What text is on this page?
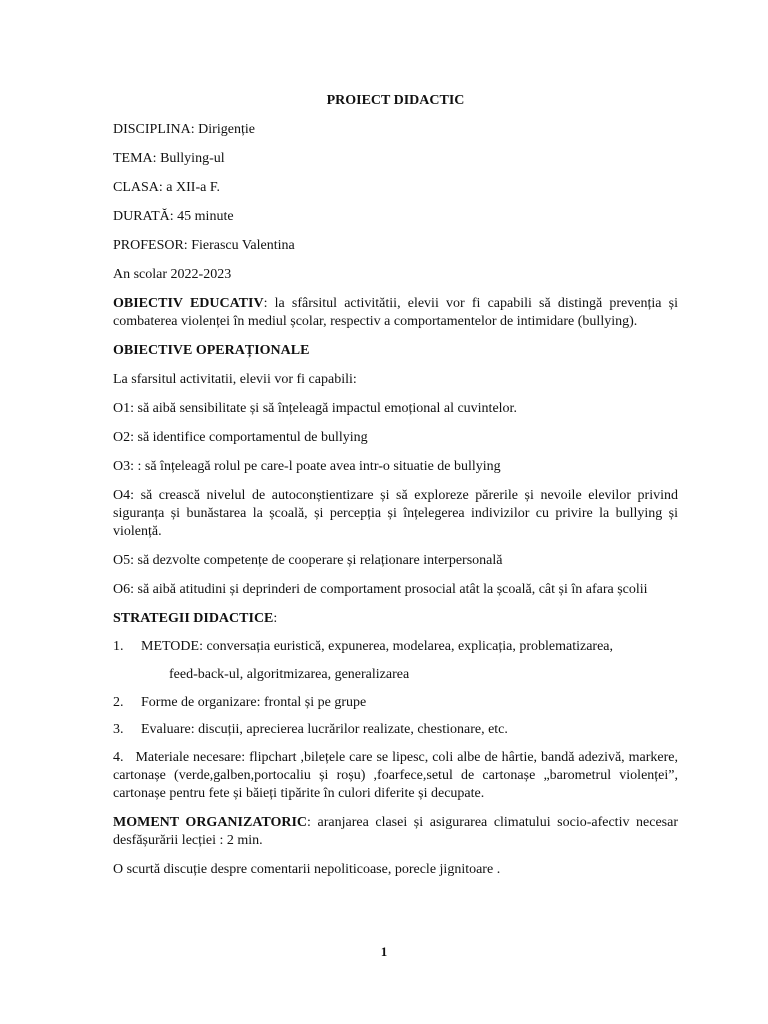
PROIECT DIDACTIC

DISCIPLINA: Dirigenție

TEMA: Bullying-ul

CLASA: a XII-a F.

DURATĂ: 45 minute

PROFESOR: Fierascu Valentina

An scolar 2022-2023

OBIECTIV EDUCATIV: la sfârsitul activitătii, elevii vor fi capabili să distingă prevenția și combaterea violenței în mediul școlar, respectiv a comportamentelor de intimidare (bullying).

OBIECTIVE OPERAȚIONALE

La sfarsitul activitatii, elevii vor fi capabili:

O1: să aibă sensibilitate și să înțeleagă impactul emoțional al cuvintelor.

O2: să identifice comportamentul de bullying

O3: : să înțeleagă rolul pe care-l poate avea intr-o situatie de bullying

O4: să crească nivelul de autoconștientizare și să exploreze părerile și nevoile elevilor privind siguranța și bunăstarea la școală, și percepția și înțelegerea indivizilor cu privire la bullying și violență.

O5: să dezvolte competențe de cooperare și relaționare interpersonală

O6: să aibă atitudini și deprinderi de comportament prosocial atât la școală, cât și în afara școlii

STRATEGII DIDACTICE:

1.	METODE: conversația euristică, expunerea, modelarea, explicația, problematizarea,

feed-back-ul, algoritmizarea, generalizarea

2.	Forme de organizare: frontal și pe grupe
3.	Evaluare: discuții, aprecierea lucrărilor realizate, chestionare, etc.

4. Materiale necesare: flipchart ,bilețele care se lipesc, coli albe de hârtie, bandă adezivă, markere, cartonașe (verde,galben,portocaliu și roșu) ,foarfece,setul de cartonașe „barometrul violenței”, cartonașe pentru fete și băieți tipărite în culori diferite și decupate.

MOMENT ORGANIZATORIC: aranjarea clasei și asigurarea climatului socio-afectiv necesar desfășurării lecției : 2 min.

O scurtă discuție despre comentarii nepoliticoase, porecle jignitoare .

1
